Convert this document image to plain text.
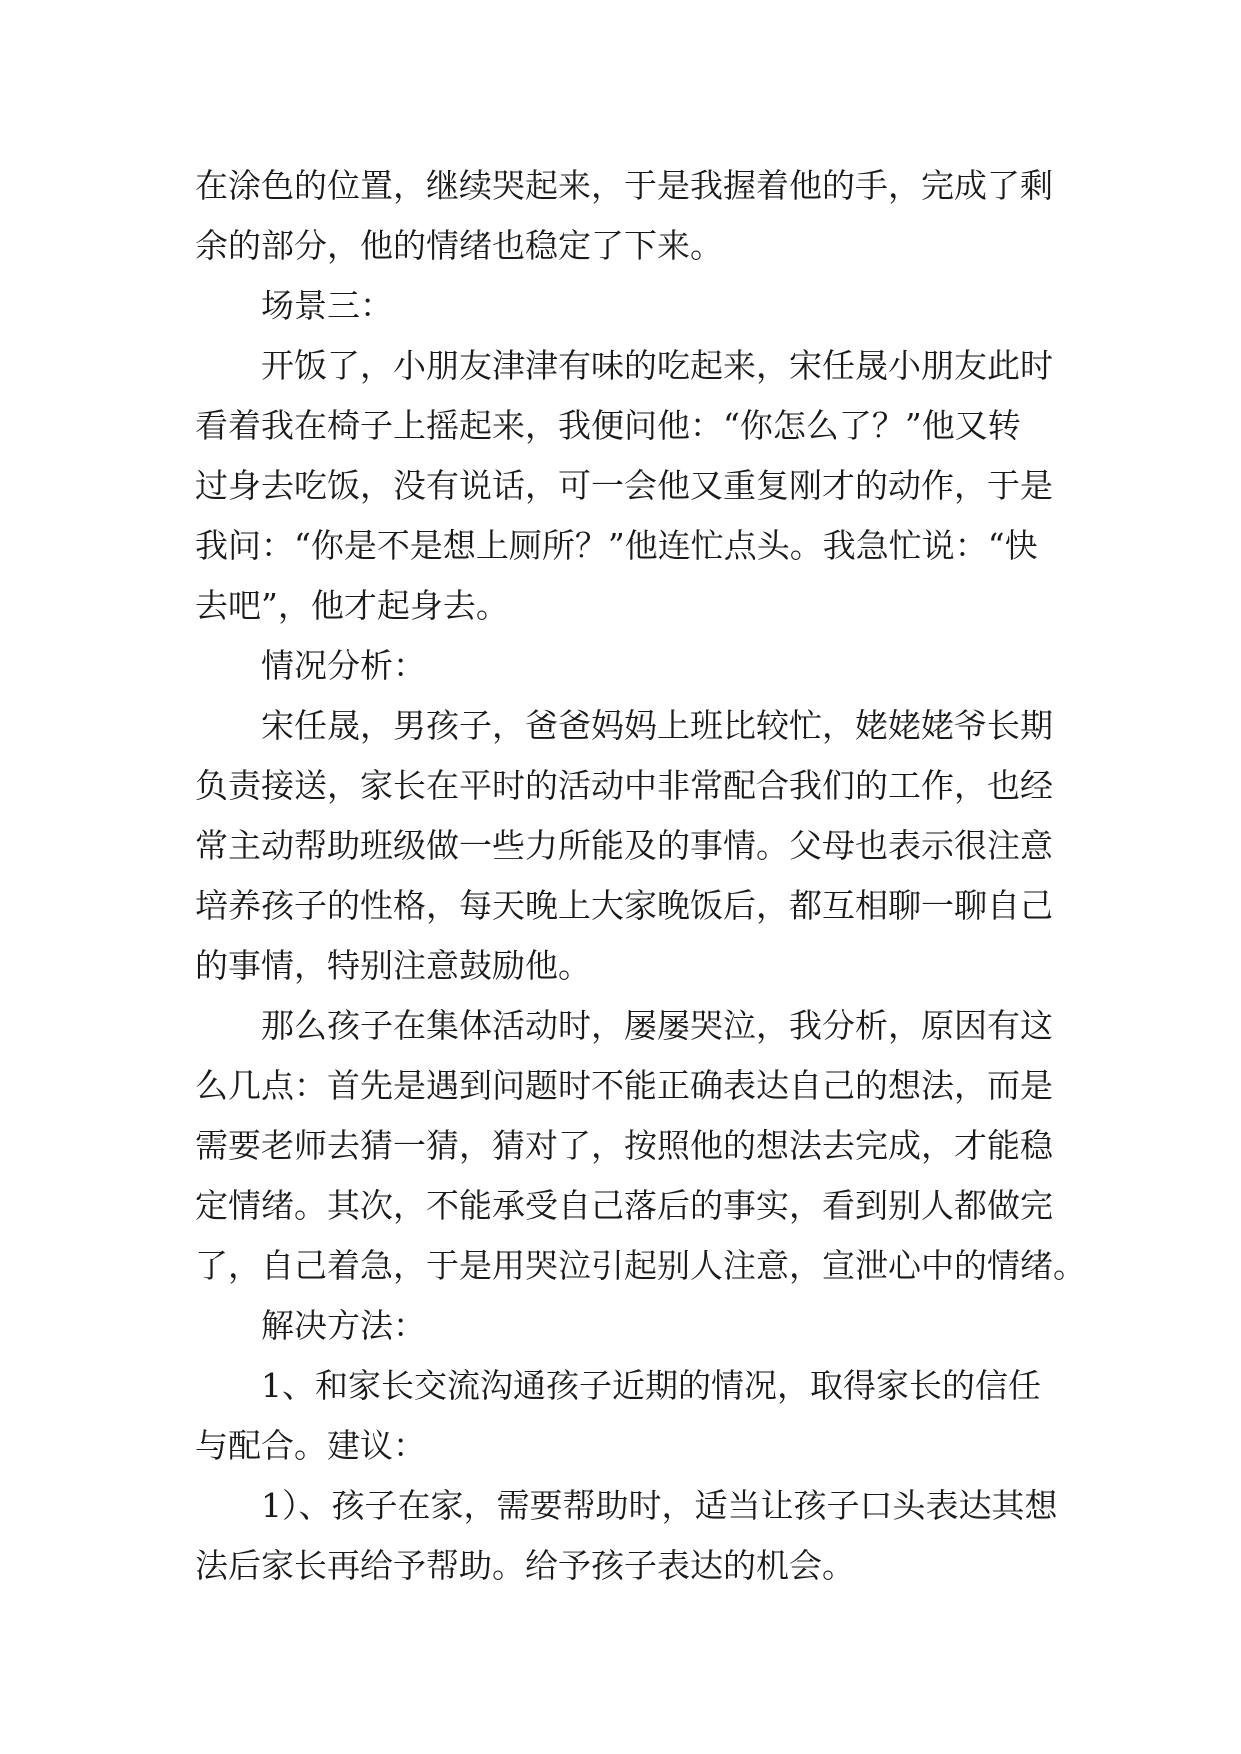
在涂色的位置，继续哭起来，于是我握着他的手，完成了剩

余的部分，他的情绪也稳定了下来。

场景三：

开饭了，小朋友津津有味的吃起来，宋任晟小朋友此时

看着我在椅子上摇起来，我便问他：“你怎么了？”他又转

过身去吃饭，没有说话，可一会他又重复刚才的动作，于是

我问：“你是不是想上厕所？”他连忙点头。我急忙说：“快

去吧”，他才起身去。

情况分析：

宋任晟，男孩子，爸爸妈妈上班比较忙，姥姥姥爷长期

负责接送，家长在平时的活动中非常配合我们的工作，也经

常主动帮助班级做一些力所能及的事情。父母也表示很注意

培养孩子的性格，每天晚上大家晚饭后，都互相聊一聊自己

的事情，特别注意鼓励他。

那么孩子在集体活动时，屡屡哭泣，我分析，原因有这

么几点：首先是遇到问题时不能正确表达自己的想法，而是

需要老师去猜一猜，猜对了，按照他的想法去完成，才能稳

定情绪。其次，不能承受自己落后的事实，看到别人都做完

了，自己着急，于是用哭泣引起别人注意，宣泄心中的情绪。

解决方法：

1、和家长交流沟通孩子近期的情况，取得家长的信任

与配合。建议：

1）、孩子在家，需要帮助时，适当让孩子口头表达其想

法后家长再给予帮助。给予孩子表达的机会。
